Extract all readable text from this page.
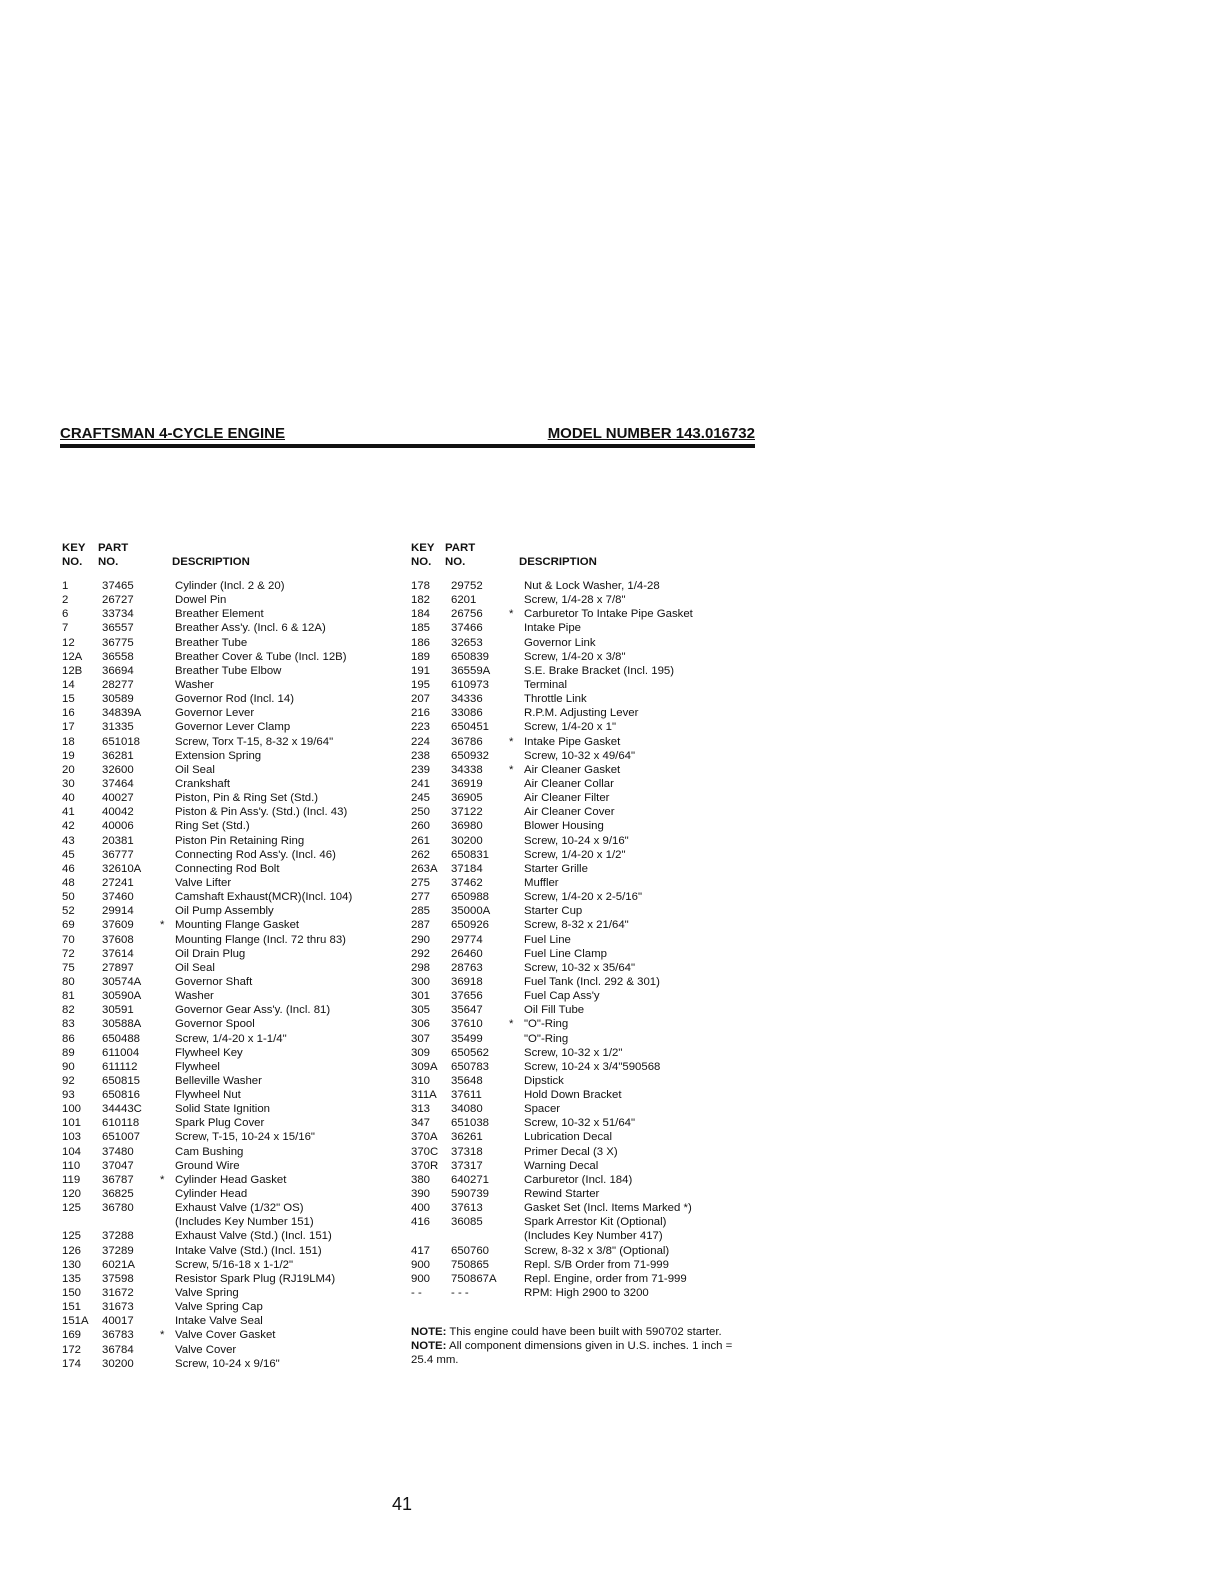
CRAFTSMAN 4-CYCLE ENGINE	MODEL NUMBER 143.016732
KEY
NO.
PART
NO.	DESCRIPTION
1	37465	Cylinder (Incl. 2 & 20)
2	26727	Dowel Pin
6	33734	Breather Element
7	36557	Breather Ass'y. (Incl. 6 & 12A)
12 36775	Breather Tube
12A 36558	Breather Cover & Tube (Incl. 12B)
12B 36694	Breather Tube Elbow
14 28277	Washer
15 30589	Governor Rod (Incl. 14)
16 34839A	Governor Lever
17 31335	Governor Lever Clamp
18 651018	Screw, Torx T-15, 8-32 x 19/64"
19 36281	Extension Spring
20 32600	Oil Seal
30 37464	Crankshaft
40 40027	Piston, Pin & Ring Set (Std.)
41 40042	Piston & Pin Ass'y. (Std.) (Incl. 43)
42 40006	Ring Set (Std.)
43 20381	Piston Pin Retaining Ring
45 36777	Connecting Rod Ass'y. (Incl. 46)
46 32610A	Connecting Rod Bolt
48 27241	Valve Lifter
50 37460	Camshaft Exhaust(MCR)(Incl. 104)
52 29914	Oil Pump Assembly
69 37609 * Mounting Flange Gasket
70 37608	Mounting Flange (Incl. 72 thru 83)
72 37614	Oil Drain Plug
75 27897	Oil Seal
80 30574A	Governor Shaft
81 30590A	Washer
82 30591	Governor Gear Ass'y. (Incl. 81)
83 30588A	Governor Spool
86 650488	Screw, 1/4-20 x 1-1/4"
89 611004	Flywheel Key
90 611112	Flywheel
92 650815	Belleville Washer
93 650816	Flywheel Nut
100 34443C	Solid State Ignition
101 610118	Spark Plug Cover
103 651007	Screw, T-15, 10-24 x 15/16"
104 37480	Cam Bushing
110 37047	Ground Wire
119 36787 * Cylinder Head Gasket
120 36825	Cylinder Head
125 36780	Exhaust Valve (1/32" OS)
(Includes Key Number 151)
125 37288	Exhaust Valve (Std.) (Incl. 151)
126 37289	Intake Valve (Std.) (Incl. 151)
130 6021A	Screw, 5/16-18 x 1-1/2"
135 37598	Resistor Spark Plug (RJ19LM4)
150 31672	Valve Spring
151 31673	Valve Spring Cap
151A 40017	Intake Valve Seal
169 36783 * Valve Cover Gasket
172 36784	Valve Cover
174 30200	Screw, 10-24 x 9/16"
KEY
NO.
PART
NO.	DESCRIPTION
178 29752	Nut & Lock Washer, 1/4-28
182 6201	Screw, 1/4-28 x 7/8"
184 26756 * Carburetor To Intake Pipe Gasket
185 37466	Intake Pipe
186 32653	Governor Link
189 650839	Screw, 1/4-20 x 3/8"
191 36559A	S.E. Brake Bracket (Incl. 195)
195 610973	Terminal
207 34336	Throttle Link
216 33086	R.P.M. Adjusting Lever
223 650451	Screw, 1/4-20 x 1"
224 36786 * Intake Pipe Gasket
238 650932	Screw, 10-32 x 49/64"
239 34338 * Air Cleaner Gasket
241 36919	Air Cleaner Collar
245 36905	Air Cleaner Filter
250 37122	Air Cleaner Cover
260 36980	Blower Housing
261 30200	Screw, 10-24 x 9/16"
262 650831	Screw, 1/4-20 x 1/2"
263A 37184	Starter Grille
275 37462	Muffler
277 650988	Screw, 1/4-20 x 2-5/16"
285 35000A	Starter Cup
287 650926	Screw, 8-32 x 21/64"
290 29774	Fuel Line
292 26460	Fuel Line Clamp
298 28763	Screw, 10-32 x 35/64"
300 36918	Fuel Tank (Incl. 292 & 301)
301 37656	Fuel Cap Ass'y
305 35647	Oil Fill Tube
306 37610 * "O"-Ring
307 35499	"O"-Ring
309 650562	Screw, 10-32 x 1/2"
309A 650783	Screw, 10-24 x 3/4"590568
310 35648	Dipstick
311A 37611	Hold Down Bracket
313 34080	Spacer
347 651038	Screw, 10-32 x 51/64"
370A 36261	Lubrication Decal
370C 37318	Primer Decal (3 X)
370R 37317	Warning Decal
380 640271	Carburetor (Incl. 184)
390 590739	Rewind Starter
400 37613	Gasket Set (Incl. Items Marked *)
416 36085	Spark Arrestor Kit (Optional)
(Includes Key Number 417)
417 650760	Screw, 8-32 x 3/8" (Optional)
900 750865	Repl. S/B Order from 71-999
900 750867A Repl. Engine, order from 71-999
- -	- - -	RPM: High 2900 to 3200
NOTE: This engine could have been built with 590702 starter.
NOTE: All component dimensions given in U.S. inches. 1 inch = 25.4 mm.
41
